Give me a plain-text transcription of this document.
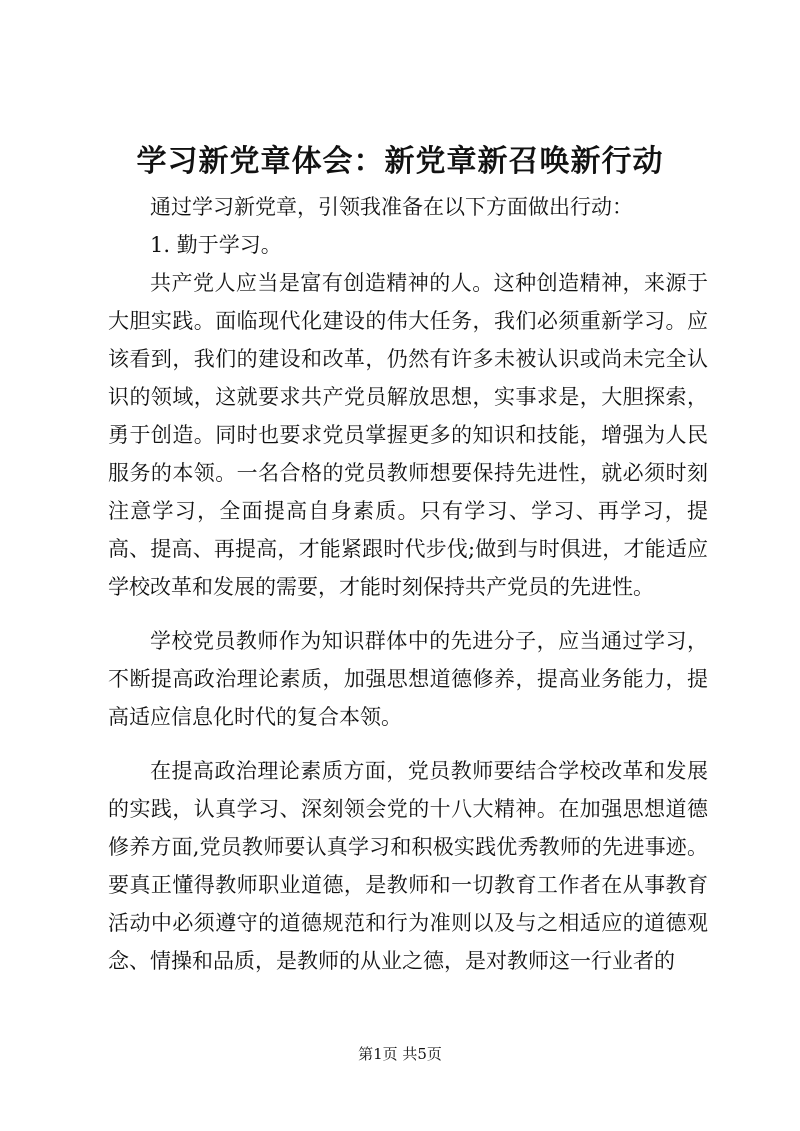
学习新党章体会：新党章新召唤新行动

通过学习新党章，引领我准备在以下方面做出行动：

1. 勤于学习。

共产党人应当是富有创造精神的人。这种创造精神，来源于大胆实践。面临现代化建设的伟大任务，我们必须重新学习。应该看到，我们的建设和改革，仍然有许多未被认识或尚未完全认识的领域，这就要求共产党员解放思想，实事求是，大胆探索，勇于创造。同时也要求党员掌握更多的知识和技能，增强为人民服务的本领。一名合格的党员教师想要保持先进性，就必须时刻注意学习，全面提高自身素质。只有学习、学习、再学习，提高、提高、再提高，才能紧跟时代步伐;做到与时俱进，才能适应学校改革和发展的需要，才能时刻保持共产党员的先进性。

学校党员教师作为知识群体中的先进分子，应当通过学习，不断提高政治理论素质，加强思想道德修养，提高业务能力，提高适应信息化时代的复合本领。

在提高政治理论素质方面，党员教师要结合学校改革和发展的实践，认真学习、深刻领会党的十八大精神。在加强思想道德修养方面,党员教师要认真学习和积极实践优秀教师的先进事迹。要真正懂得教师职业道德，是教师和一切教育工作者在从事教育活动中必须遵守的道德规范和行为准则以及与之相适应的道德观念、情操和品质，是教师的从业之德，是对教师这一行业者的

第1页 共5页
